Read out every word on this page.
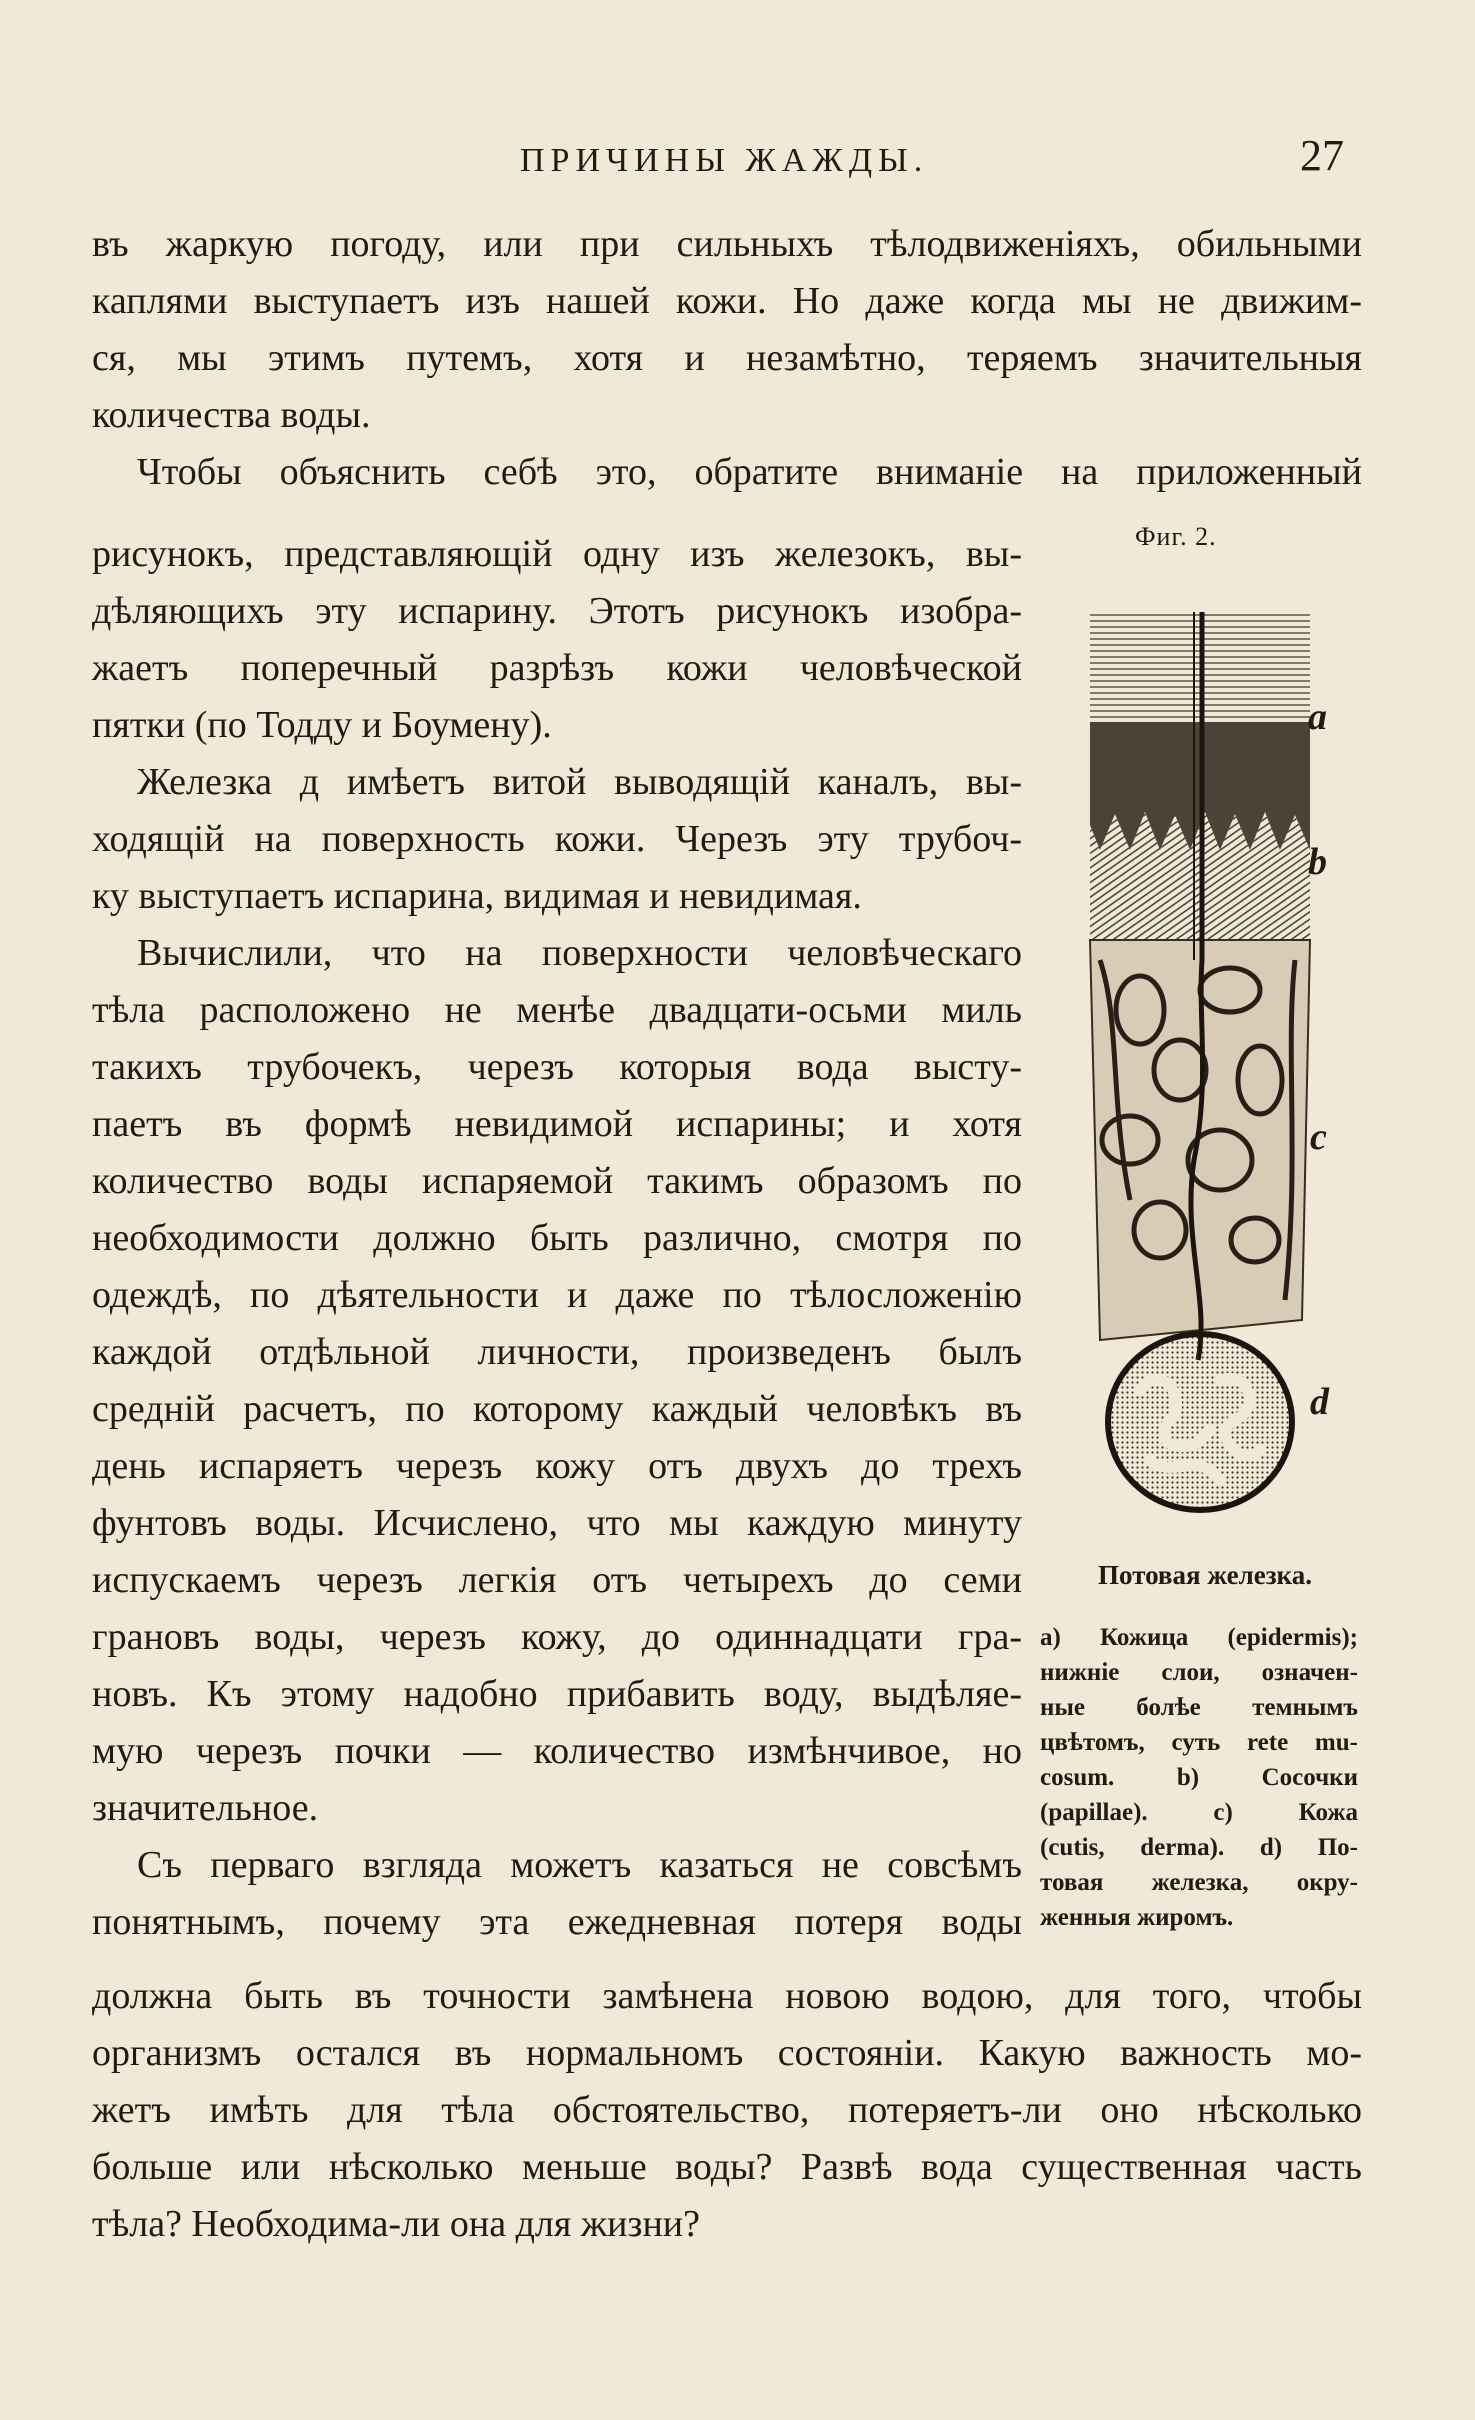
ПРИЧИНЫ ЖАЖДЫ.	27
въ жаркую погоду, или при сильныхъ тѣлодвиженіяхъ, обильными
каплями выступаетъ изъ нашей кожи. Но даже когда мы не движим-
ся, мы этимъ путемъ, хотя и незамѣтно, теряемъ значительныя
количества воды.
Чтобы объяснить себѣ это, обратите вниманіе на приложенный
рисунокъ, представляющій одну изъ железокъ, вы-
дѣляющихъ эту испарину. Этотъ рисунокъ изобра-
жаетъ поперечный разрѣзъ кожи человѣческой
пятки (по Тодду и Боумену).
Железка д имѣетъ витой выводящій каналъ, вы-
ходящій на поверхность кожи. Черезъ эту трубоч-
ку выступаетъ испарина, видимая и невидимая.
Вычислили, что на поверхности человѣческаго
тѣла расположено не менѣе двадцати-осьми миль
такихъ трубочекъ, черезъ которыя вода высту-
паетъ въ формѣ невидимой испарины; и хотя
количество воды испаряемой такимъ образомъ по
необходимости должно быть различно, смотря по
одеждѣ, по дѣятельности и даже по тѣлосложенію
каждой отдѣльной личности, произведенъ былъ
средній расчетъ, по которому каждый человѣкъ въ
день испаряетъ черезъ кожу отъ двухъ до трехъ
фунтовъ воды. Исчислено, что мы каждую минуту
испускаемъ черезъ легкія отъ четырехъ до семи
грановъ воды, черезъ кожу, до одиннадцати гра-
новъ. Къ этому надобно прибавить воду, выдѣляе-
мую черезъ почки — количество измѣнчивое, но
значительное.
Съ перваго взгляда можетъ казаться не совсѣмъ
понятнымъ, почему эта ежедневная потеря воды
должна быть въ точности замѣнена новою водою, для того, чтобы
организмъ остался въ нормальномъ состояніи. Какую важность мо-
жетъ имѣть для тѣла обстоятельство, потеряетъ-ли оно нѣсколько
больше или нѣсколько меньше воды? Развѣ вода существенная часть
тѣла? Необходима-ли она для жизни?
Фиг. 2.
a
b
c
d
Потовая железка.
a) Кожица (epidermis);
нижніе слои, означен-
ные болѣе темнымъ
цвѣтомъ, суть rete mu-
cosum. b) Сосочки
(papillae). c) Кожа
(cutis, derma). d) По-
товая железка, окру-
женныя жиромъ.
